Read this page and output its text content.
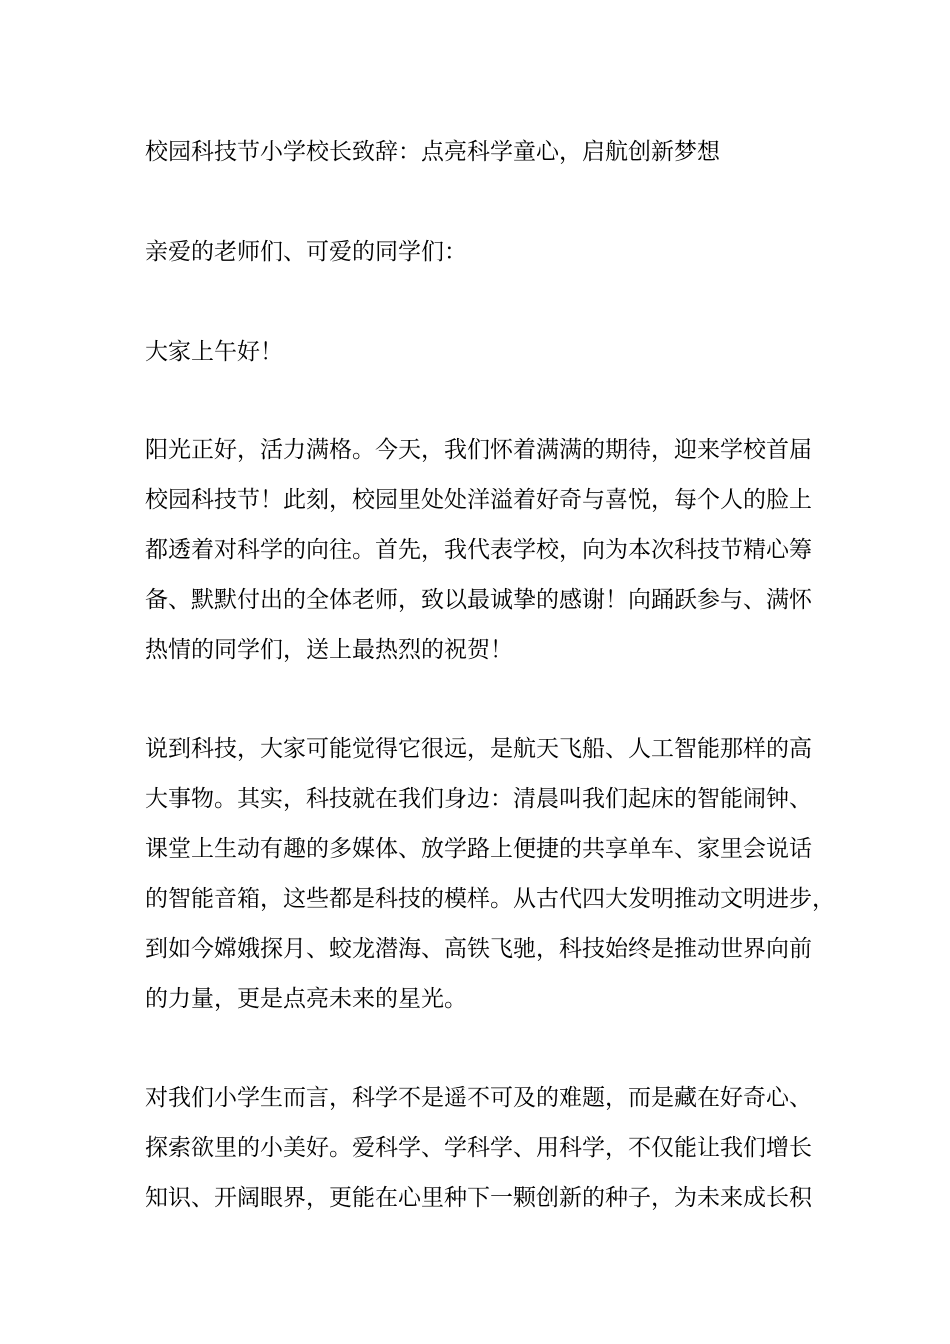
校园科技节小学校长致辞：点亮科学童心，启航创新梦想

亲爱的老师们、可爱的同学们：

大家上午好！

阳光正好，活力满格。今天，我们怀着满满的期待，迎来学校首届
校园科技节！此刻，校园里处处洋溢着好奇与喜悦，每个人的脸上
都透着对科学的向往。首先，我代表学校，向为本次科技节精心筹
备、默默付出的全体老师，致以最诚挚的感谢！向踊跃参与、满怀
热情的同学们，送上最热烈的祝贺！

说到科技，大家可能觉得它很远，是航天飞船、人工智能那样的高
大事物。其实，科技就在我们身边：清晨叫我们起床的智能闹钟、
课堂上生动有趣的多媒体、放学路上便捷的共享单车、家里会说话
的智能音箱，这些都是科技的模样。从古代四大发明推动文明进步，
到如今嫦娥探月、蛟龙潜海、高铁飞驰，科技始终是推动世界向前
的力量，更是点亮未来的星光。

对我们小学生而言，科学不是遥不可及的难题，而是藏在好奇心、
探索欲里的小美好。爱科学、学科学、用科学，不仅能让我们增长
知识、开阔眼界，更能在心里种下一颗创新的种子，为未来成长积
